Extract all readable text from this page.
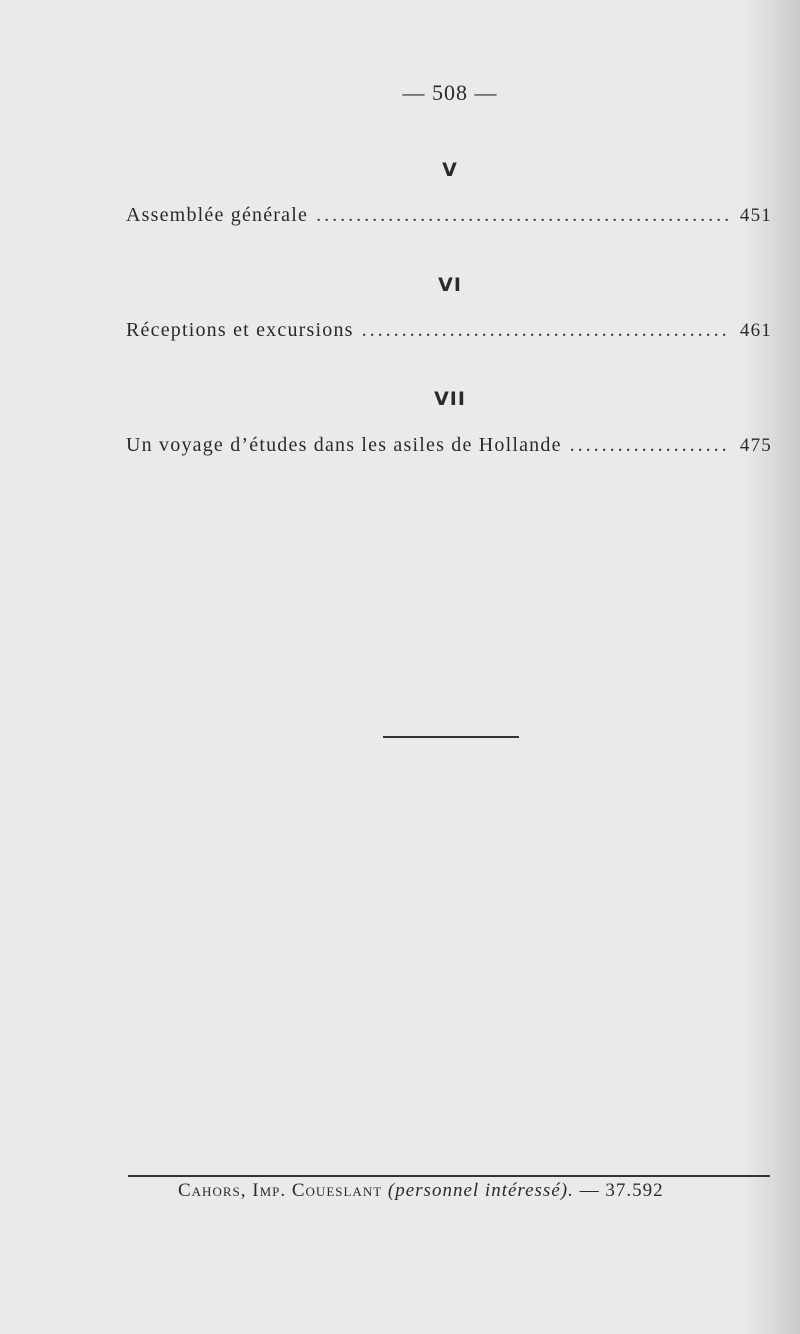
— 508 —
V
Assemblée générale .....	451
VI
Réceptions et excursions .....	461
VII
Un voyage d’études dans les asiles de Hollande .....	475
Cahors, Imp. Coueslant (personnel intéressé). — 37.592
